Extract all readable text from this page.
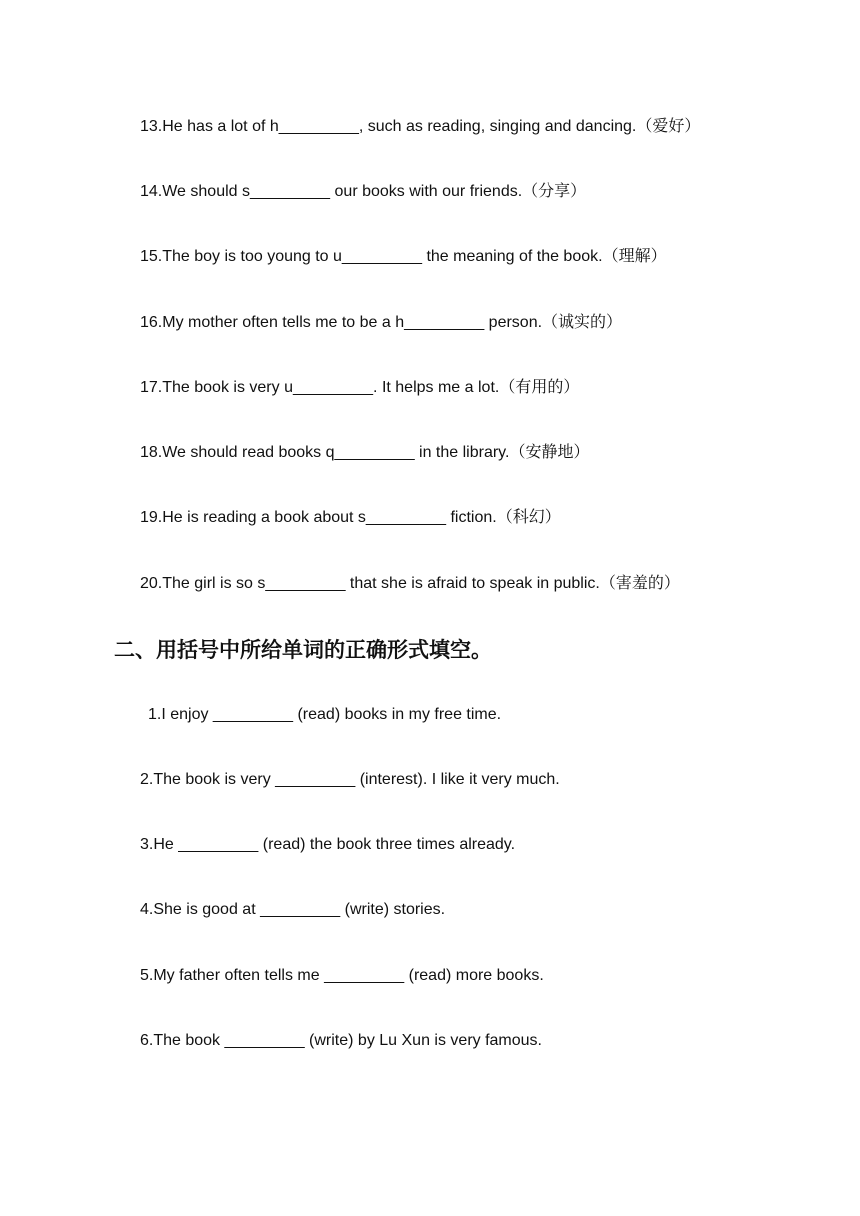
13.He has a lot of h_________, such as reading, singing and dancing.（爱好）
14.We should s_________ our books with our friends.（分享）
15.The boy is too young to u_________ the meaning of the book.（理解）
16.My mother often tells me to be a h_________ person.（诚实的）
17.The book is very u_________. It helps me a lot.（有用的）
18.We should read books q_________ in the library.（安静地）
19.He is reading a book about s_________ fiction.（科幻）
20.The girl is so s_________ that she is afraid to speak in public.（害羞的）
二、用括号中所给单词的正确形式填空。
1.I enjoy _________ (read) books in my free time.
2.The book is very _________ (interest). I like it very much.
3.He _________ (read) the book three times already.
4.She is good at _________ (write) stories.
5.My father often tells me _________ (read) more books.
6.The book _________ (write) by Lu Xun is very famous.
